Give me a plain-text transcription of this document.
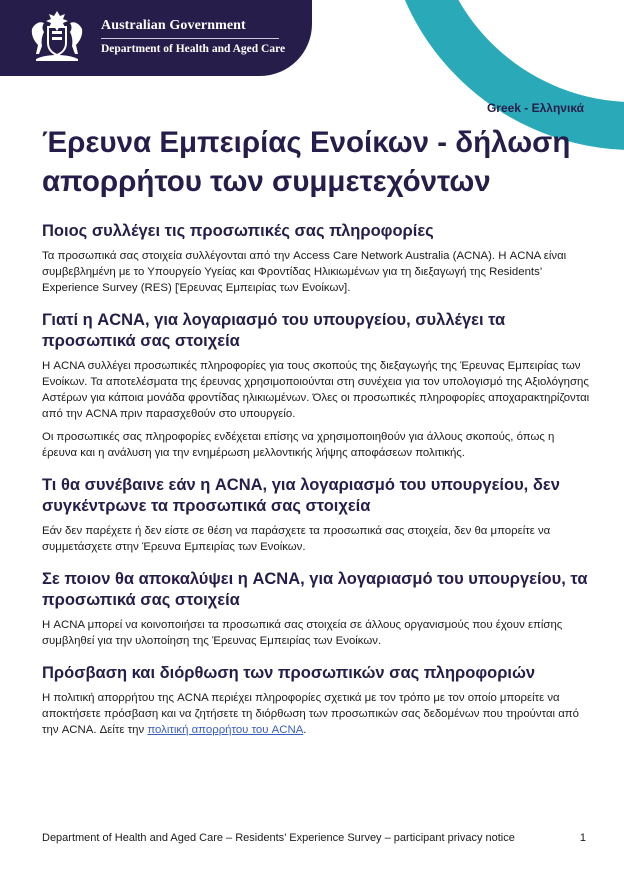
Australian Government
Department of Health and Aged Care
Greek - Ελληνικά
Έρευνα Εμπειρίας Ενοίκων - δήλωση απορρήτου των συμμετεχόντων
Ποιος συλλέγει τις προσωπικές σας πληροφορίες

Τα προσωπικά σας στοιχεία συλλέγονται από την Access Care Network Australia (ACNA). Η ACNA είναι συμβεβλημένη με το Υπουργείο Υγείας και Φροντίδας Ηλικιωμένων για τη διεξαγωγή της Residents’ Experience Survey (RES) [Έρευνας Εμπειρίας των Ενοίκων].

Γιατί η ACNA, για λογαριασμό του υπουργείου, συλλέγει τα προσωπικά σας στοιχεία

Η ACNA συλλέγει προσωπικές πληροφορίες για τους σκοπούς της διεξαγωγής της Έρευνας Εμπειρίας των Ενοίκων. Τα αποτελέσματα της έρευνας χρησιμοποιούνται στη συνέχεια για τον υπολογισμό της Αξιολόγησης Αστέρων για κάποια μονάδα φροντίδας ηλικιωμένων. Όλες οι προσωπικές πληροφορίες αποχαρακτηρίζονται από την ACNA πριν παρασχεθούν στο υπουργείο.

Οι προσωπικές σας πληροφορίες ενδέχεται επίσης να χρησιμοποιηθούν για άλλους σκοπούς, όπως η έρευνα και η ανάλυση για την ενημέρωση μελλοντικής λήψης αποφάσεων πολιτικής.

Τι θα συνέβαινε εάν η ACNA, για λογαριασμό του υπουργείου, δεν συγκέντρωνε τα προσωπικά σας στοιχεία

Εάν δεν παρέχετε ή δεν είστε σε θέση να παράσχετε τα προσωπικά σας στοιχεία, δεν θα μπορείτε να συμμετάσχετε στην Έρευνα Εμπειρίας των Ενοίκων.

Σε ποιον θα αποκαλύψει η ACNA, για λογαριασμό του υπουργείου, τα προσωπικά σας στοιχεία

Η ACNA μπορεί να κοινοποιήσει τα προσωπικά σας στοιχεία σε άλλους οργανισμούς που έχουν επίσης συμβληθεί για την υλοποίηση της Έρευνας Εμπειρίας των Ενοίκων.

Πρόσβαση και διόρθωση των προσωπικών σας πληροφοριών

Η πολιτική απορρήτου της ACNA περιέχει πληροφορίες σχετικά με τον τρόπο με τον οποίο μπορείτε να αποκτήσετε πρόσβαση και να ζητήσετε τη διόρθωση των προσωπικών σας δεδομένων που τηρούνται από την ACNA. Δείτε την πολιτική απορρήτου του ACNA.

Department of Health and Aged Care – Residents’ Experience Survey – participant privacy notice	1
